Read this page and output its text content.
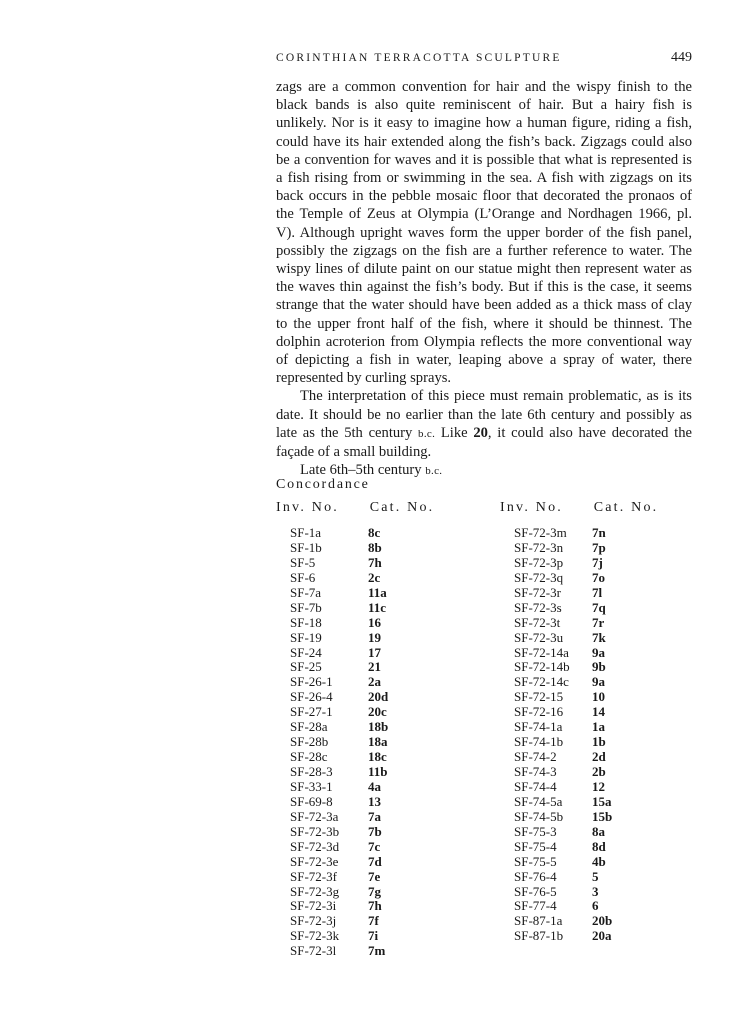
CORINTHIAN TERRACOTTA SCULPTURE	449

zags are a common convention for hair and the wispy finish to the black bands is also quite reminiscent of hair. But a hairy fish is unlikely. Nor is it easy to imagine how a human figure, riding a fish, could have its hair extended along the fish’s back. Zigzags could also be a convention for waves and it is possible that what is represented is a fish rising from or swimming in the sea. A fish with zigzags on its back occurs in the pebble mosaic floor that decorated the pronaos of the Temple of Zeus at Olympia (L’Orange and Nordhagen 1966, pl. V). Although upright waves form the upper border of the fish panel, possibly the zigzags on the fish are a further reference to water. The wispy lines of dilute paint on our statue might then represent water as the waves thin against the fish’s body. But if this is the case, it seems strange that the water should have been added as a thick mass of clay to the upper front half of the fish, where it should be thinnest. The dolphin acroterion from Olympia reflects the more conventional way of depicting a fish in water, leaping above a spray of water, there represented by curling sprays.

The interpretation of this piece must remain problematic, as is its date. It should be no earlier than the late 6th century and possibly as late as the 5th century b.c. Like 20, it could also have decorated the façade of a small building.

Late 6th–5th century b.c.

Concordance
Inv. No. Cat. No.
SF-1a	8c
SF-1b	8b
SF-5	7h
SF-6	2c
SF-7a	11a
SF-7b	11c
SF-18	16
SF-19	19
SF-24	17
SF-25	21
SF-26-1	2a
SF-26-4	20d
SF-27-1	20c
SF-28a	18b
SF-28b	18a
SF-28c	18c
SF-28-3	11b
SF-33-1	4a
SF-69-8	13
SF-72-3a 7a
SF-72-3b 7b
SF-72-3d 7c
SF-72-3e 7d
SF-72-3f 7e
SF-72-3g 7g
SF-72-3i 7h
SF-72-3j 7f
SF-72-3k 7i
SF-72-3l 7m
Inv. No. Cat. No.
SF-72-3m 7n
SF-72-3n 7p
SF-72-3p 7j
SF-72-3q 7o
SF-72-3r 7l
SF-72-3s 7q
SF-72-3t 7r
SF-72-3u 7k
SF-72-14a 9a
SF-72-14b 9b
SF-72-14c 9a
SF-72-15 10
SF-72-16 14
SF-74-1a 1a
SF-74-1b 1b
SF-74-2	2d
SF-74-3	2b
SF-74-4	12
SF-74-5a 15a
SF-74-5b 15b
SF-75-3	8a
SF-75-4	8d
SF-75-5	4b
SF-76-4	5
SF-76-5	3
SF-77-4	6
SF-87-1a 20b
SF-87-1b 20a
